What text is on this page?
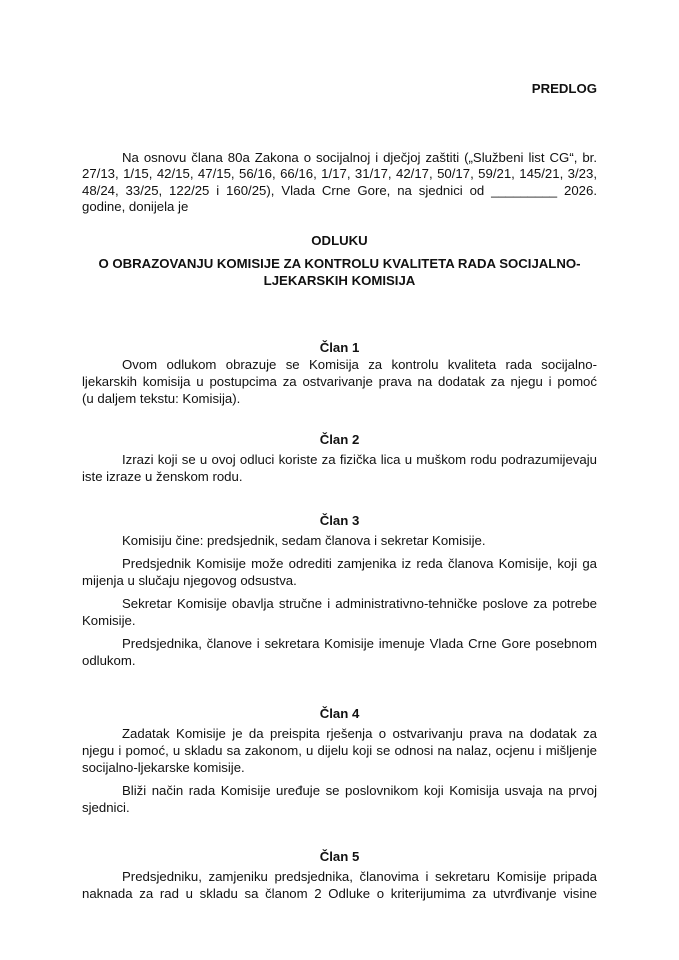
PREDLOG
Na osnovu člana 80a Zakona o socijalnoj i dječjoj zaštiti („Službeni list CG“, br.
27/13, 1/15, 42/15, 47/15, 56/16, 66/16, 1/17, 31/17, 42/17, 50/17, 59/21, 145/21, 3/23,
48/24, 33/25, 122/25 i 160/25), Vlada Crne Gore, na sjednici od _________ 2026.
godine, donijela je
ODLUKU
O OBRAZOVANJU KOMISIJE ZA KONTROLU KVALITETA RADA SOCIJALNO-
LJEKARSKIH KOMISIJA
Član 1
Ovom odlukom obrazuje se Komisija za kontrolu kvaliteta rada socijalno-
ljekarskih komisija u postupcima za ostvarivanje prava na dodatak za njegu i pomoć
(u daljem tekstu: Komisija).
Član 2
Izrazi koji se u ovoj odluci koriste za fizička lica u muškom rodu podrazumijevaju
iste izraze u ženskom rodu.
Član 3
Komisiju čine: predsjednik, sedam članova i sekretar Komisije.
Predsjednik Komisije može odrediti zamjenika iz reda članova Komisije, koji ga
mijenja u slučaju njegovog odsustva.
Sekretar Komisije obavlja stručne i administrativno-tehničke poslove za potrebe
Komisije.
Predsjednika, članove i sekretara Komisije imenuje Vlada Crne Gore posebnom
odlukom.
Član 4
Zadatak Komisije je da preispita rješenja o ostvarivanju prava na dodatak za
njegu i pomoć, u skladu sa zakonom, u dijelu koji se odnosi na nalaz, ocjenu i mišljenje
socijalno-ljekarske komisije.
Bliži način rada Komisije uređuje se poslovnikom koji Komisija usvaja na prvoj
sjednici.
Član 5
Predsjedniku, zamjeniku predsjednika, članovima i sekretaru Komisije pripada
naknada za rad u skladu sa članom 2 Odluke o kriterijumima za utvrđivanje visine
